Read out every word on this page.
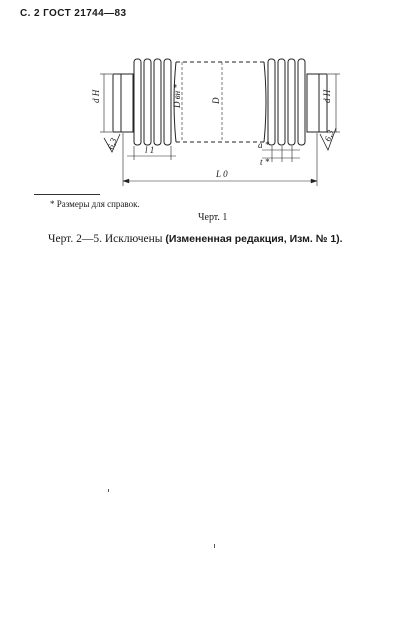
С. 2 ГОСТ 21744—83
d H	d H
D вн *	D
6,3
6,3
l 1
L 0
a *
t *
* Размеры для справок.
Черт. 1
Черт. 2—5. Исключены (Измененная редакция, Изм. № 1).
